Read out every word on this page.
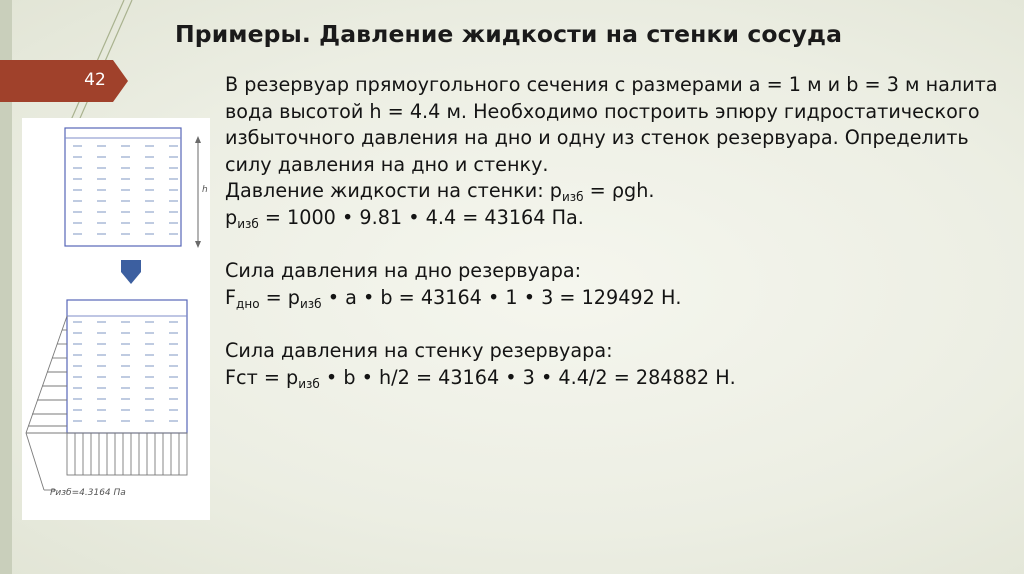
Примеры. Давление жидкости на стенки сосуда
42
h
Pизб=4.3164 Па

В резервуар прямоугольного сечения с размерами a = 1 м и b = 3 м налита вода высотой h = 4.4 м. Необходимо построить эпюру гидростатического избыточного давления на дно и одну из стенок резервуара. Определить силу давления на дно и стенку.

Давление жидкости на стенки: $p_{изб} = \rho gh$.

$p_{изб} = 1000$ • 9.81 • 4.4 = 43164 Па.

Сила давления на дно резервуара:

$F_{дно} = p_{изб}$ • a • b = 43164 • 1 • 3 = 129492 Н.

Сила давления на стенку резервуара:

Fст = $p_{изб}$ • b • h/2 = 43164 • 3 • 4.4/2 = 284882 Н.
